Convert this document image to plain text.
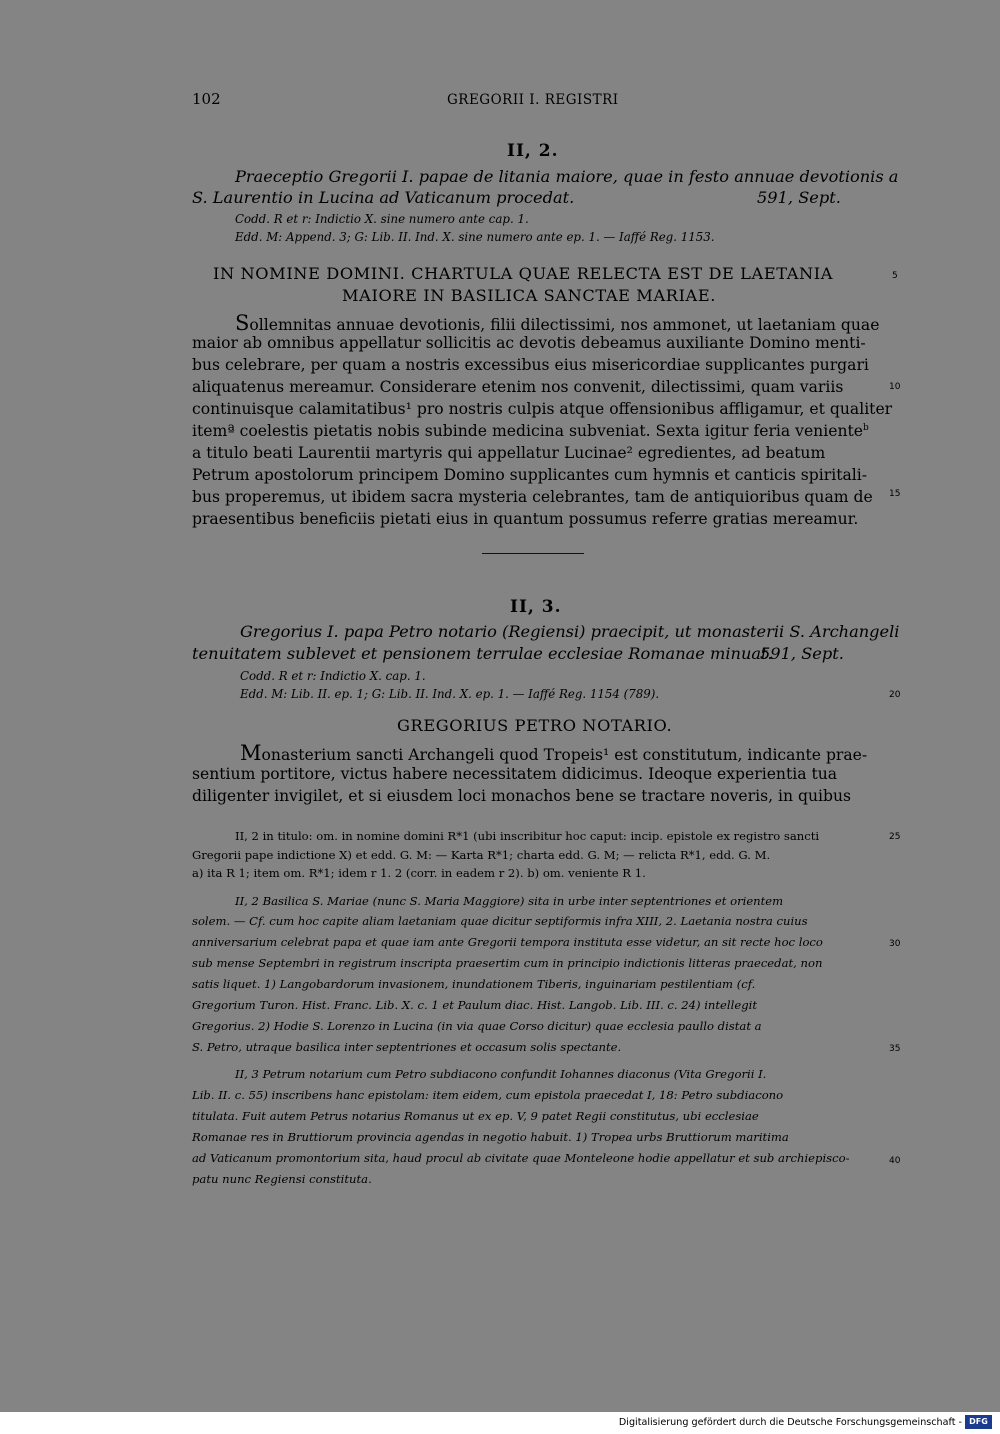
102	GREGORII I. REGISTRI
II, 2.
Praeceptio Gregorii I. papae de litania maiore, quae in festo annuae devotionis a
S. Laurentio in Lucina ad Vaticanum procedat.	591, Sept.
Codd. R et r: Indictio X. sine numero ante cap. 1.
Edd. M: Append. 3; G: Lib. II. Ind. X. sine numero ante ep. 1. — Iaffé Reg. 1153.
IN NOMINE DOMINI. CHARTULA QUAE RELECTA EST DE LAETANIA
MAIORE IN BASILICA SANCTAE MARIAE.
Sollemnitas annuae devotionis, filii dilectissimi, nos ammonet, ut laetaniam quae
maior ab omnibus appellatur sollicitis ac devotis debeamus auxiliante Domino menti-
bus celebrare, per quam a nostris excessibus eius misericordiae supplicantes purgari
aliquatenus mereamur. Considerare etenim nos convenit, dilectissimi, quam variis
continuisque calamitatibus¹ pro nostris culpis atque offensionibus affligamur, et qualiter
itemª coelestis pietatis nobis subinde medicina subveniat. Sexta igitur feria veniente$^b$
a titulo beati Laurentii martyris qui appellatur Lucinae² egredientes, ad beatum
Petrum apostolorum principem Domino supplicantes cum hymnis et canticis spiritali-
bus properemus, ut ibidem sacra mysteria celebrantes, tam de antiquioribus quam de
praesentibus beneficiis pietati eius in quantum possumus referre gratias mereamur.
II, 3.
Gregorius I. papa Petro notario (Regiensi) praecipit, ut monasterii S. Archangeli
tenuitatem sublevet et pensionem terrulae ecclesiae Romanae minuat.
591, Sept.
Codd. R et r: Indictio X. cap. 1.
Edd. M: Lib. II. ep. 1; G: Lib. II. Ind. X. ep. 1. — Iaffé Reg. 1154 (789).
GREGORIUS PETRO NOTARIO.
Monasterium sancti Archangeli quod Tropeis¹ est constitutum, indicante prae-
sentium portitore, victus habere necessitatem didicimus. Ideoque experientia tua
diligenter invigilet, et si eiusdem loci monachos bene se tractare noveris, in quibus
II, 2 in titulo: om. in nomine domini R*1 (ubi inscribitur hoc caput: incip. epistole ex registro sancti
Gregorii pape indictione X) et edd. G. M: — Karta R*1; charta edd. G. M; — relicta R*1, edd. G. M.
a) ita R 1; item om. R*1; idem r 1. 2 (corr. in eadem r 2). b) om. veniente R 1.
II, 2 Basilica S. Mariae (nunc S. Maria Maggiore) sita in urbe inter septentriones et orientem
solem. — Cf. cum hoc capite aliam laetaniam quae dicitur septiformis infra XIII, 2. Laetania nostra cuius
anniversarium celebrat papa et quae iam ante Gregorii tempora instituta esse videtur, an sit recte hoc loco
sub mense Septembri in registrum inscripta praesertim cum in principio indictionis litteras praecedat, non
satis liquet. 1) Langobardorum invasionem, inundationem Tiberis, inguinariam pestilentiam (cf.
Gregorium Turon. Hist. Franc. Lib. X. c. 1 et Paulum diac. Hist. Langob. Lib. III. c. 24) intellegit
Gregorius. 2) Hodie S. Lorenzo in Lucina (in via quae Corso dicitur) quae ecclesia paullo distat a
S. Petro, utraque basilica inter septentriones et occasum solis spectante.
II, 3 Petrum notarium cum Petro subdiacono confundit Iohannes diaconus (Vita Gregorii I.
Lib. II. c. 55) inscribens hanc epistolam: item eidem, cum epistola praecedat I, 18: Petro subdiacono
titulata. Fuit autem Petrus notarius Romanus ut ex ep. V, 9 patet Regii constitutus, ubi ecclesiae
Romanae res in Bruttiorum provincia agendas in negotio habuit. 1) Tropea urbs Bruttiorum maritima
ad Vaticanum promontorium sita, haud procul ab civitate quae Monteleone hodie appellatur et sub archiepisco-
patu nunc Regiensi constituta.
5
10
15
20
25
30
35
40
Digitalisierung gefördert durch die Deutsche Forschungsgemeinschaft - DFG
